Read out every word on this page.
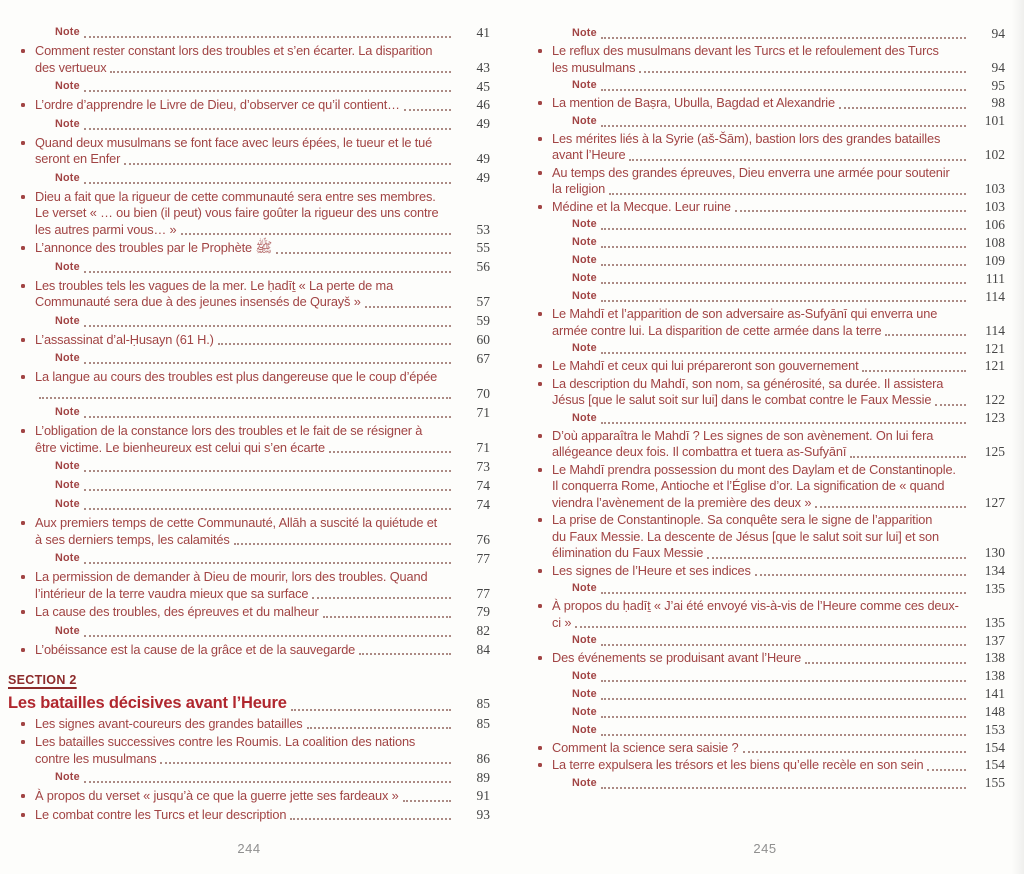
Note	41
Comment rester constant lors des troubles et s’en écarter. La disparition
des vertueux	43
Note	45
L’ordre d’apprendre le Livre de Dieu, d’observer ce qu’il contient…	46
Note	49
Quand deux musulmans se font face avec leurs épées, le tueur et le tué
seront en Enfer	49
Note	49
Dieu a fait que la rigueur de cette communauté sera entre ses membres.
Le verset « … ou bien (il peut) vous faire goûter la rigueur des uns contre
les autres parmi vous… »	53
L’annonce des troubles par le Prophète ﷺ	55
Note	56
Les troubles tels les vagues de la mer. Le ḥadīṯ « La perte de ma
Communauté sera due à des jeunes insensés de Qurayš »	57
Note	59
L’assassinat d’al-Ḥusayn (61 H.)	60
Note	67
La langue au cours des troubles est plus dangereuse que le coup d’épée
70
Note	71
L’obligation de la constance lors des troubles et le fait de se résigner à
être victime. Le bienheureux est celui qui s’en écarte	71
Note	73
Note	74
Note	74
Aux premiers temps de cette Communauté, Allāh a suscité la quiétude et
à ses derniers temps, les calamités	76
Note	77
La permission de demander à Dieu de mourir, lors des troubles. Quand
l’intérieur de la terre vaudra mieux que sa surface	77
La cause des troubles, des épreuves et du malheur	79
Note	82
L’obéissance est la cause de la grâce et de la sauvegarde	84
SECTION 2
Les batailles décisives avant l’Heure	85
Les signes avant-coureurs des grandes batailles	85
Les batailles successives contre les Roumis. La coalition des nations
contre les musulmans	86
Note	89
À propos du verset « jusqu’à ce que la guerre jette ses fardeaux »	91
Le combat contre les Turcs et leur description	93
Note	94
Le reflux des musulmans devant les Turcs et le refoulement des Turcs
les musulmans	94
Note	95
La mention de Baṣra, Ubulla, Bagdad et Alexandrie	98
Note	101
Les mérites liés à la Syrie (aš-Šām), bastion lors des grandes batailles
avant l’Heure	102
Au temps des grandes épreuves, Dieu enverra une armée pour soutenir
la religion	103
Médine et la Mecque. Leur ruine	103
Note	106
Note	108
Note	109
Note	111
Note	114
Le Mahdī et l’apparition de son adversaire as-Sufyānī qui enverra une
armée contre lui. La disparition de cette armée dans la terre	114
Note	121
Le Mahdī et ceux qui lui prépareront son gouvernement	121
La description du Mahdī, son nom, sa générosité, sa durée. Il assistera
Jésus [que le salut soit sur lui] dans le combat contre le Faux Messie	122
Note	123
D’où apparaîtra le Mahdī ? Les signes de son avènement. On lui fera
allégeance deux fois. Il combattra et tuera as-Sufyānī	125
Le Mahdī prendra possession du mont des Daylam et de Constantinople.
Il conquerra Rome, Antioche et l’Église d’or. La signification de « quand
viendra l’avènement de la première des deux »	127
La prise de Constantinople. Sa conquête sera le signe de l’apparition
du Faux Messie. La descente de Jésus [que le salut soit sur lui] et son
élimination du Faux Messie	130
Les signes de l’Heure et ses indices	134
Note	135
À propos du ḥadīṯ « J’ai été envoyé vis-à-vis de l’Heure comme ces deux-
ci »	135
Note	137
Des événements se produisant avant l’Heure	138
Note	138
Note	141
Note	148
Note	153
Comment la science sera saisie ?	154
La terre expulsera les trésors et les biens qu’elle recèle en son sein	154
Note	155
244	245
